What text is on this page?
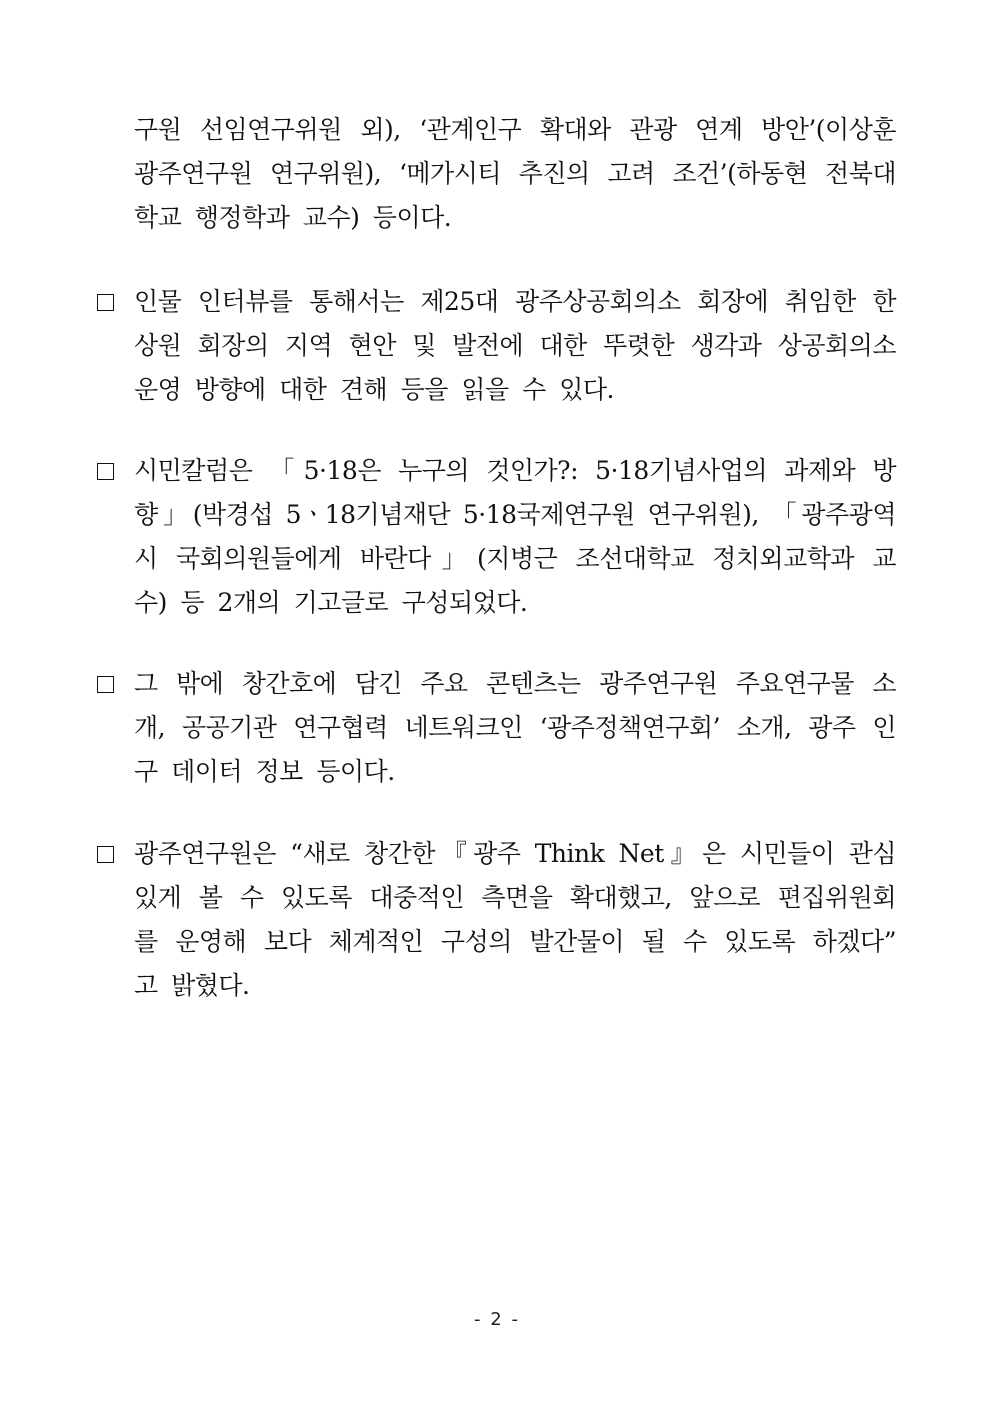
구원 선임연구위원 외), ‘관계인구 확대와 관광 연계 방안’(이상훈
광주연구원 연구위원), ‘메가시티 추진의 고려 조건’(하동현 전북대
학교 행정학과 교수) 등이다.
인물 인터뷰를 통해서는 제25대 광주상공회의소 회장에 취임한 한
상원 회장의 지역 현안 및 발전에 대한 뚜렷한 생각과 상공회의소
운영 방향에 대한 견해 등을 읽을 수 있다.
시민칼럼은 「5·18은 누구의 것인가?: 5·18기념사업의 과제와 방
향」(박경섭 5ㆍ18기념재단 5·18국제연구원 연구위원), 「광주광역
시 국회의원들에게 바란다」(지병근 조선대학교 정치외교학과 교
수) 등 2개의 기고글로 구성되었다.
그 밖에 창간호에 담긴 주요 콘텐츠는 광주연구원 주요연구물 소
개, 공공기관 연구협력 네트워크인 ‘광주정책연구회’ 소개, 광주 인
구 데이터 정보 등이다.
광주연구원은 “새로 창간한『광주 Think Net』은 시민들이 관심
있게 볼 수 있도록 대중적인 측면을 확대했고, 앞으로 편집위원회
를 운영해 보다 체계적인 구성의 발간물이 될 수 있도록 하겠다”
고 밝혔다.
- 2 -
